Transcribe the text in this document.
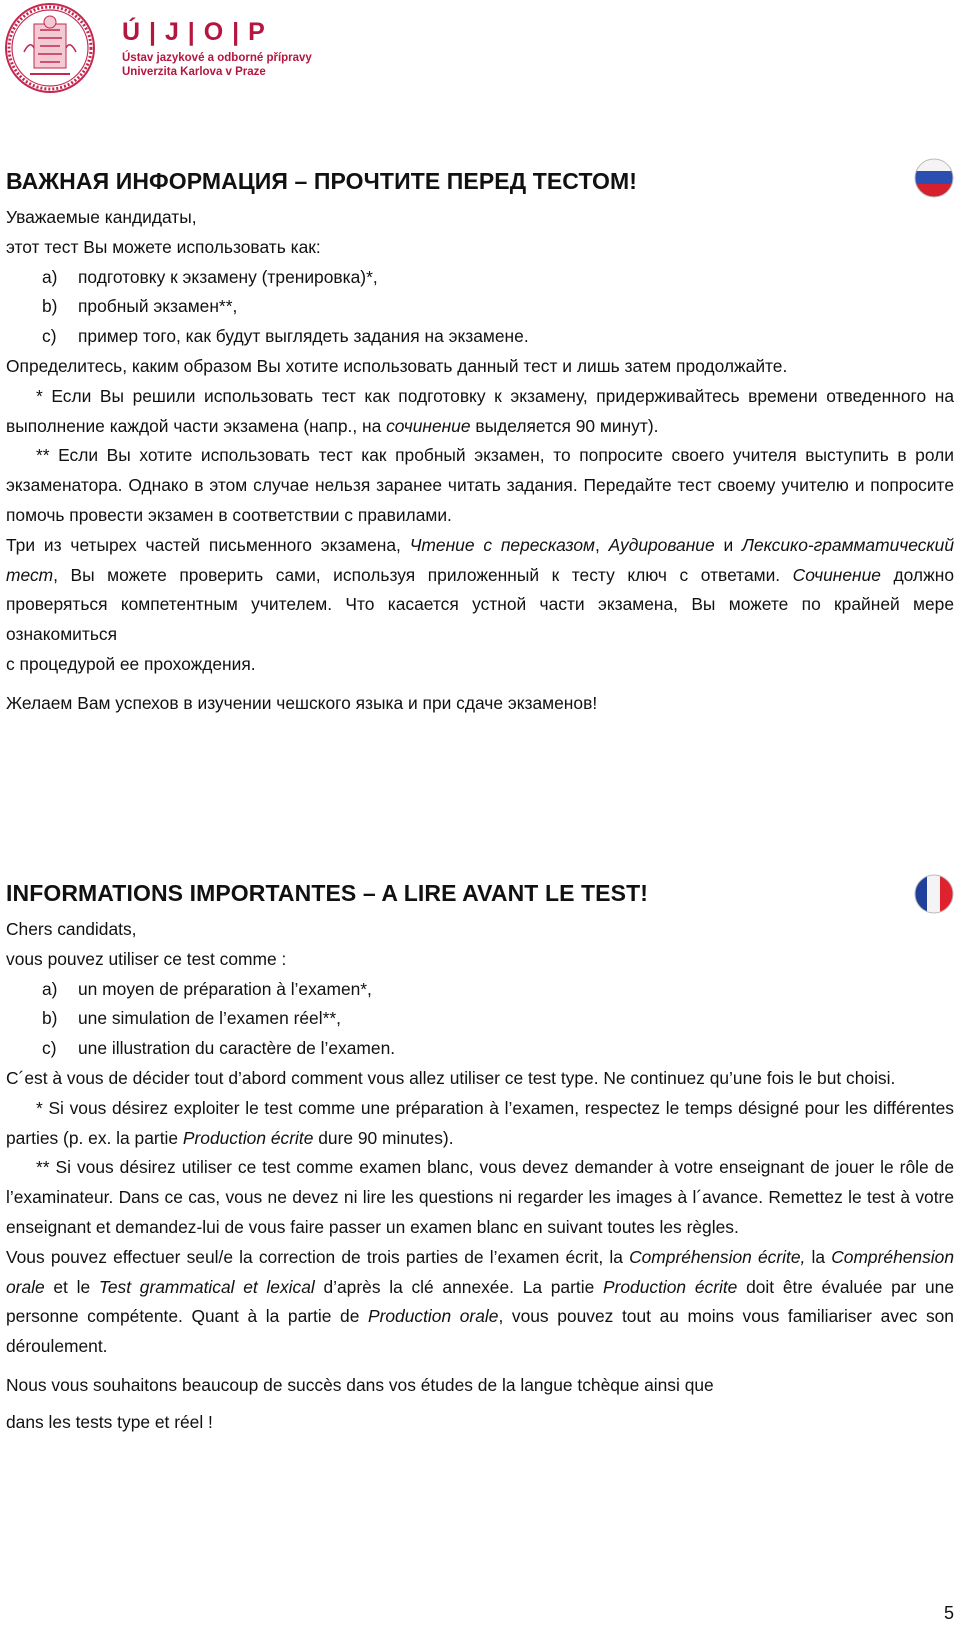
Ú | J | O | P
Ústav jazykové a odborné přípravy
Univerzita Karlova v Praze
ВАЖНАЯ ИНФОРМАЦИЯ – ПРОЧТИТЕ ПЕРЕД ТЕСТОМ!

Уважаемые кандидаты,

этот тест Вы можете использовать как:

a) подготовку к экзамену (тренировка)*,
b) пробный экзамен**,
c) пример того, как будут выглядеть задания на экзамене.

Определитесь, каким образом Вы хотите использовать данный тест и лишь затем продолжайте.

* Если Вы решили использовать тест как подготовку к экзамену, придерживайтесь времени отведенного на выполнение каждой части экзамена (напр., на сочинение выделяется 90 минут).

** Если Вы хотите использовать тест как пробный экзамен, то попросите своего учителя выступить в роли экзаменатора. Однако в этом случае нельзя заранее читать задания. Передайте тест своему учителю и попросите помочь провести экзамен в соответствии с правилами.

Три из четырех частей письменного экзамена, Чтение с пересказом, Аудирование и Лексико-грамматический тест, Вы можете проверить сами, используя приложенный к тесту ключ с ответами. Сочинение должно проверяться компетентным учителем. Что касается устной части экзамена, Вы можете по крайней мере ознакомиться

с процедурой ее прохождения.

Желаем Вам успехов в изучении чешского языка и при сдаче экзаменов!

INFORMATIONS IMPORTANTES – A LIRE AVANT LE TEST!

Chers candidats,

vous pouvez utiliser ce test comme :

a) un moyen de préparation à l’examen*,
b) une simulation de l’examen réel**,
c) une illustration du caractère de l’examen.

C´est à vous de décider tout d’abord comment vous allez utiliser ce test type. Ne continuez qu’une fois le but choisi.

* Si vous désirez exploiter le test comme une préparation à l’examen, respectez le temps désigné pour les différentes parties (p. ex. la partie Production écrite dure 90 minutes).

** Si vous désirez utiliser ce test comme examen blanc, vous devez demander à votre enseignant de jouer le rôle de l’examinateur. Dans ce cas, vous ne devez ni lire les questions ni regarder les images à l´avance. Remettez le test à votre enseignant et demandez-lui de vous faire passer un examen blanc en suivant toutes les règles.

Vous pouvez effectuer seul/e la correction de trois parties de l’examen écrit, la Compréhension écrite, la Compréhension orale et le Test grammatical et lexical d’après la clé annexée. La partie Production écrite doit être évaluée par une personne compétente. Quant à la partie de Production orale, vous pouvez tout au moins vous familiariser avec son déroulement.

Nous vous souhaitons beaucoup de succès dans vos études de la langue tchèque ainsi que

dans les tests type et réel !

5
